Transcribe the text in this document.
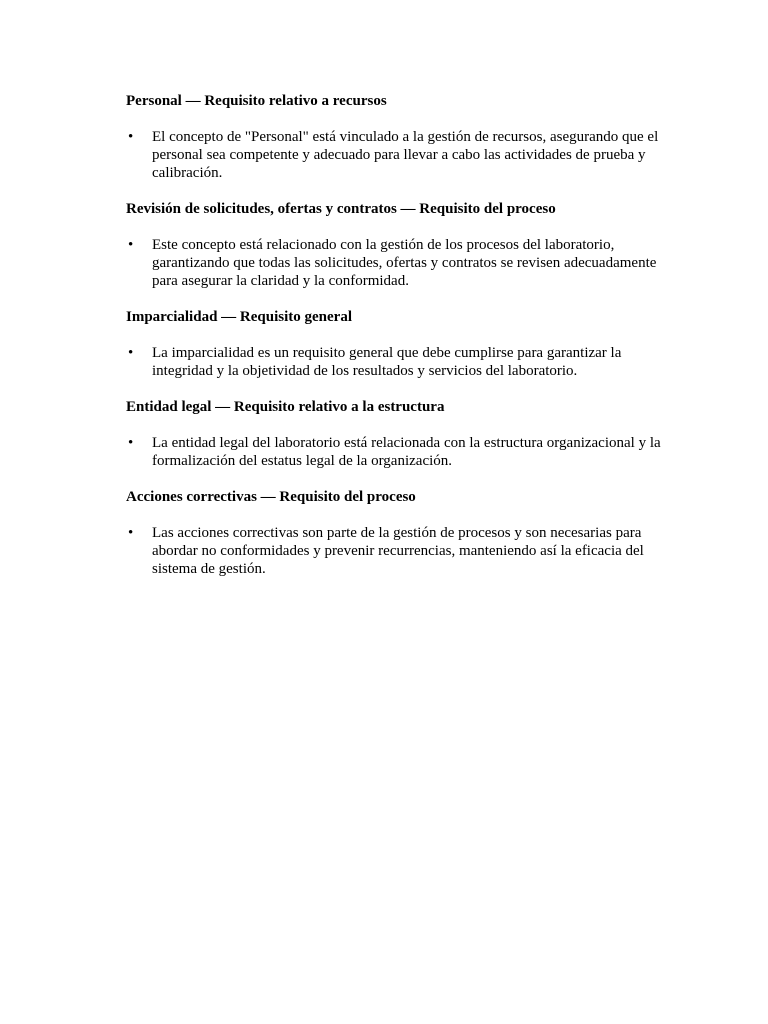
Personal — Requisito relativo a recursos

• El concepto de "Personal" está vinculado a la gestión de recursos, asegurando que el personal sea competente y adecuado para llevar a cabo las actividades de prueba y calibración.

Revisión de solicitudes, ofertas y contratos — Requisito del proceso

• Este concepto está relacionado con la gestión de los procesos del laboratorio, garantizando que todas las solicitudes, ofertas y contratos se revisen adecuadamente para asegurar la claridad y la conformidad.

Imparcialidad — Requisito general

• La imparcialidad es un requisito general que debe cumplirse para garantizar la integridad y la objetividad de los resultados y servicios del laboratorio.

Entidad legal — Requisito relativo a la estructura

• La entidad legal del laboratorio está relacionada con la estructura organizacional y la formalización del estatus legal de la organización.

Acciones correctivas — Requisito del proceso

• Las acciones correctivas son parte de la gestión de procesos y son necesarias para abordar no conformidades y prevenir recurrencias, manteniendo así la eficacia del sistema de gestión.
